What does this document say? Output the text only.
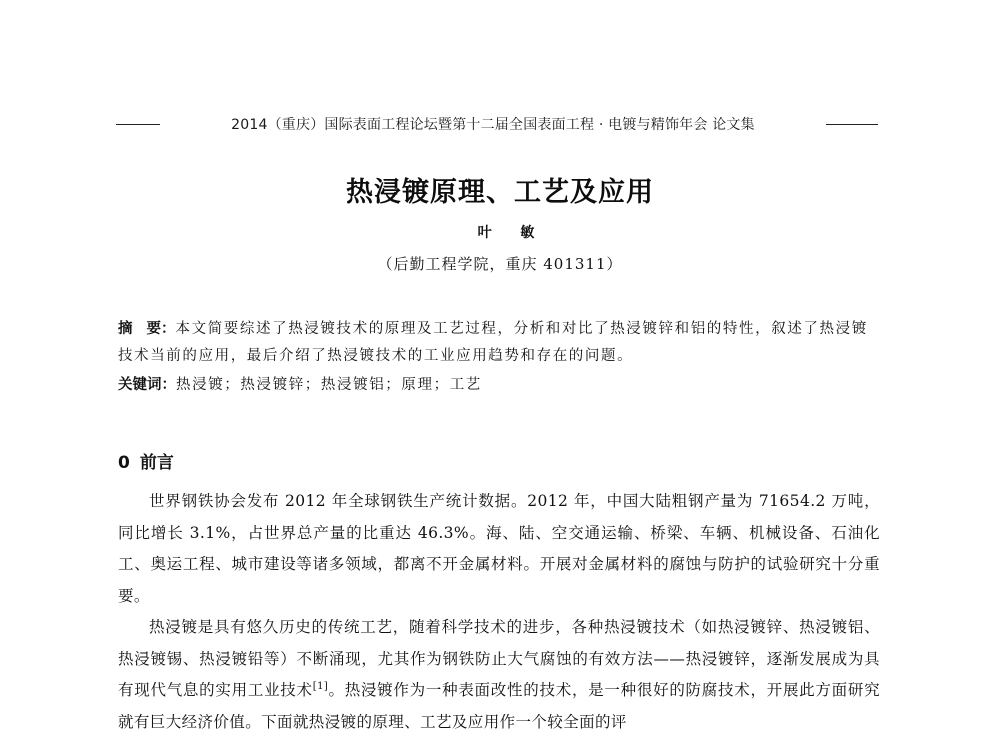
2014（重庆）国际表面工程论坛暨第十二届全国表面工程 · 电镀与精饰年会 论文集
热浸镀原理、工艺及应用
叶 敏
（后勤工程学院，重庆 401311）
摘 要：本文简要综述了热浸镀技术的原理及工艺过程，分析和对比了热浸镀锌和铝的特性，叙述了热浸镀技术当前的应用，最后介绍了热浸镀技术的工业应用趋势和存在的问题。
关键词：热浸镀；热浸镀锌；热浸镀铝；原理；工艺
0 前言

世界钢铁协会发布 2012 年全球钢铁生产统计数据。2012 年，中国大陆粗钢产量为 71654.2 万吨，同比增长 3.1%，占世界总产量的比重达 46.3%。海、陆、空交通运输、桥梁、车辆、机械设备、石油化工、奥运工程、城市建设等诸多领域，都离不开金属材料。开展对金属材料的腐蚀与防护的试验研究十分重要。

热浸镀是具有悠久历史的传统工艺，随着科学技术的进步，各种热浸镀技术（如热浸镀锌、热浸镀铝、热浸镀锡、热浸镀铅等）不断涌现，尤其作为钢铁防止大气腐蚀的有效方法——热浸镀锌，逐渐发展成为具有现代气息的实用工业技术[1]。热浸镀作为一种表面改性的技术，是一种很好的防腐技术，开展此方面研究就有巨大经济价值。下面就热浸镀的原理、工艺及应用作一个较全面的评
